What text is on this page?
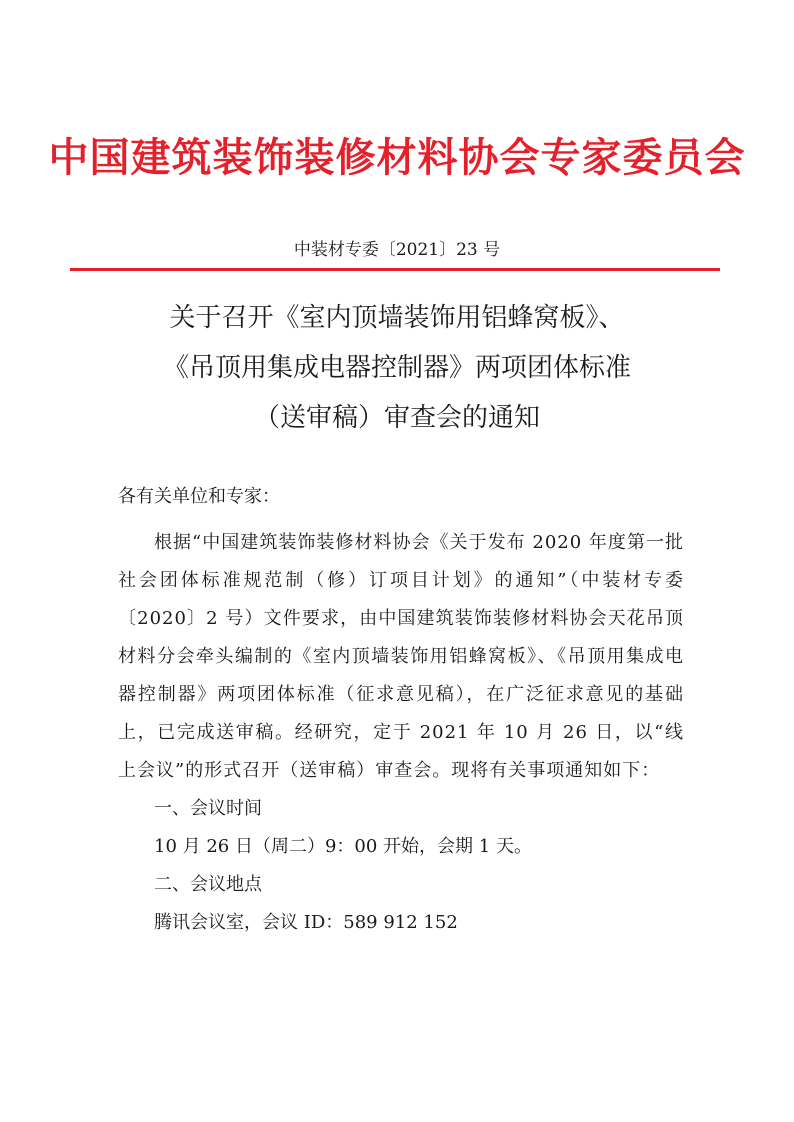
中国建筑装饰装修材料协会专家委员会
中装材专委〔2021〕23 号
关于召开《室内顶墙装饰用铝蜂窝板》、
《吊顶用集成电器控制器》两项团体标准
（送审稿）审查会的通知

各有关单位和专家：

根据“中国建筑装饰装修材料协会《关于发布 2020 年度第一批社会团体标准规范制（修）订项目计划》的通知”（中装材专委〔2020〕2 号）文件要求，由中国建筑装饰装修材料协会天花吊顶材料分会牵头编制的《室内顶墙装饰用铝蜂窝板》、《吊顶用集成电器控制器》两项团体标准（征求意见稿），在广泛征求意见的基础上，已完成送审稿。经研究，定于 2021 年 10 月 26 日，以“线上会议”的形式召开（送审稿）审查会。现将有关事项通知如下：

一、会议时间

10 月 26 日（周二）9：00 开始，会期 1 天。

二、会议地点

腾讯会议室，会议 ID：589 912 152
